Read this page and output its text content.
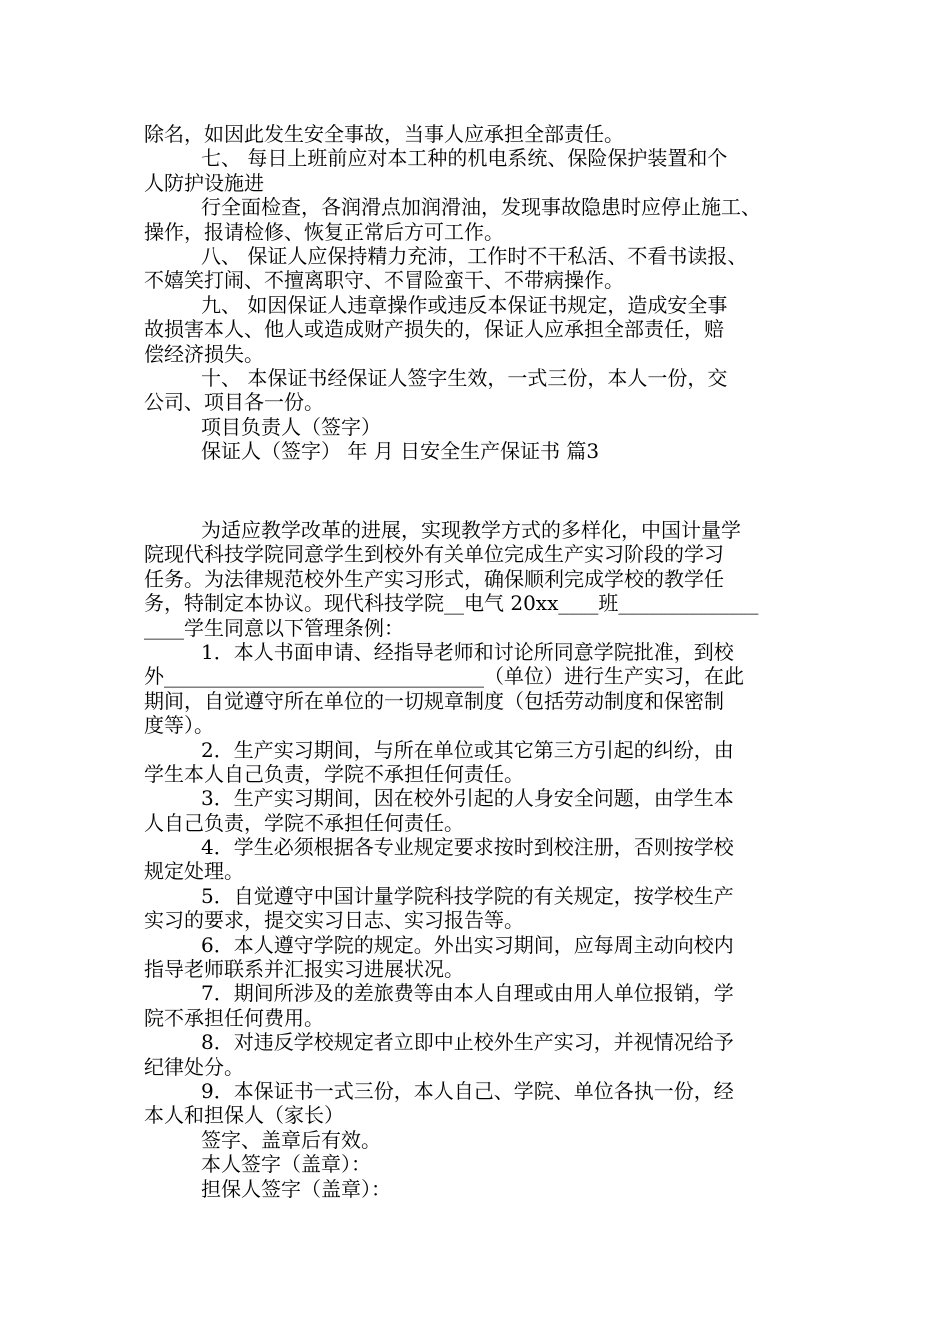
除名，如因此发生安全事故，当事人应承担全部责任。
七、 每日上班前应对本工种的机电系统、保险保护装置和个
人防护设施进
行全面检查，各润滑点加润滑油，发现事故隐患时应停止施工、
操作，报请检修、恢复正常后方可工作。
八、 保证人应保持精力充沛，工作时不干私活、不看书读报、
不嬉笑打闹、不擅离职守、不冒险蛮干、不带病操作。
九、 如因保证人违章操作或违反本保证书规定，造成安全事
故损害本人、他人或造成财产损失的，保证人应承担全部责任，赔
偿经济损失。
十、 本保证书经保证人签字生效，一式三份，本人一份，交
公司、项目各一份。
项目负责人（签字）
保证人（签字） 年 月 日安全生产保证书 篇3
为适应教学改革的进展，实现教学方式的多样化，中国计量学
院现代科技学院同意学生到校外有关单位完成生产实习阶段的学习
任务。为法律规范校外生产实习形式，确保顺利完成学校的教学任
务，特制定本协议。现代科技学院__电气 20xx____班______________
____学生同意以下管理条例：
1．本人书面申请、经指导老师和讨论所同意学院批准，到校
外________________________________（单位）进行生产实习，在此
期间，自觉遵守所在单位的一切规章制度（包括劳动制度和保密制
度等）。
2．生产实习期间，与所在单位或其它第三方引起的纠纷，由
学生本人自己负责，学院不承担任何责任。
3．生产实习期间，因在校外引起的人身安全问题，由学生本
人自己负责，学院不承担任何责任。
4．学生必须根据各专业规定要求按时到校注册，否则按学校
规定处理。
5．自觉遵守中国计量学院科技学院的有关规定，按学校生产
实习的要求，提交实习日志、实习报告等。
6．本人遵守学院的规定。外出实习期间，应每周主动向校内
指导老师联系并汇报实习进展状况。
7．期间所涉及的差旅费等由本人自理或由用人单位报销，学
院不承担任何费用。
8．对违反学校规定者立即中止校外生产实习，并视情况给予
纪律处分。
9．本保证书一式三份，本人自己、学院、单位各执一份，经
本人和担保人（家长）
签字、盖章后有效。
本人签字（盖章）：
担保人签字（盖章）：
